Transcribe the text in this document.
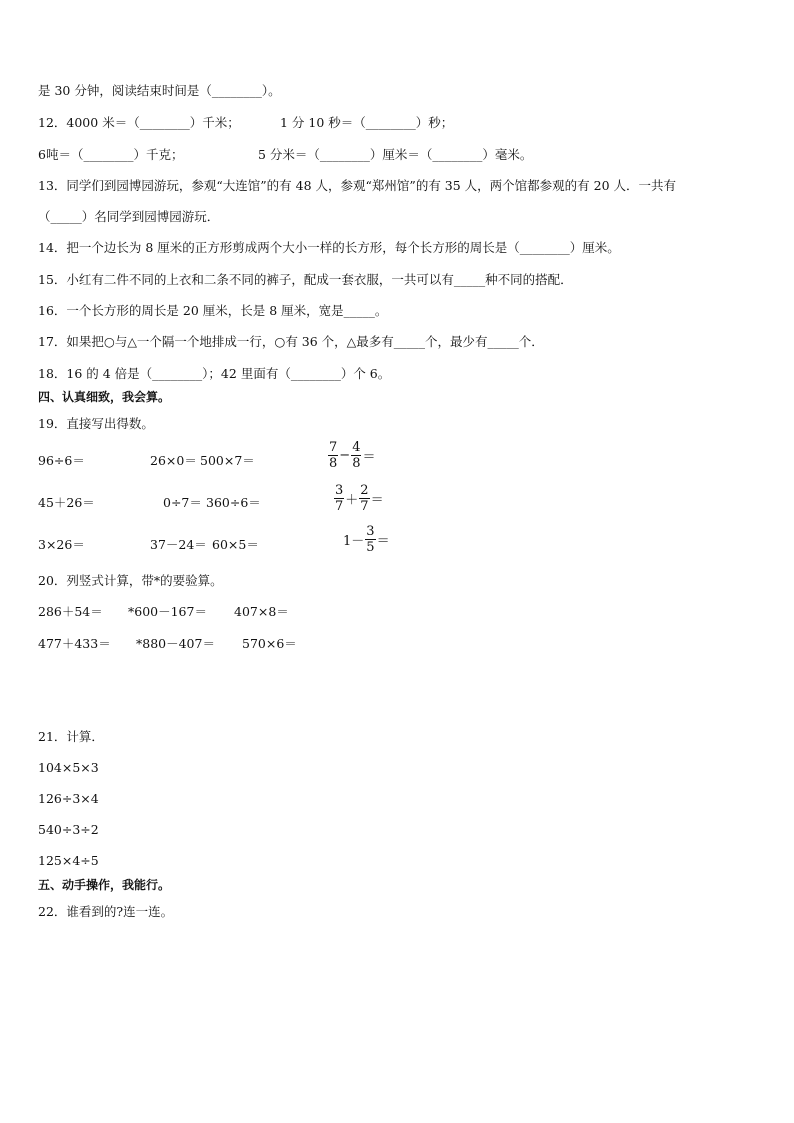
是 30 分钟，阅读结束时间是（________）。
12．4000 米＝（________）千米；	1 分 10 秒＝（________）秒；
6吨＝（________）千克；	5 分米＝（________）厘米＝（________）毫米。
13．同学们到园博园游玩，参观“大连馆”的有 48 人，参观“郑州馆”的有 35 人，两个馆都参观的有 20 人．一共有
（_____）名同学到园博园游玩．
14．把一个边长为 8 厘米的正方形剪成两个大小一样的长方形，每个长方形的周长是（________）厘米。
15．小红有二件不同的上衣和二条不同的裤子，配成一套衣服，一共可以有_____种不同的搭配．
16．一个长方形的周长是 20 厘米，长是 8 厘米，宽是_____。
17．如果把○与△一个隔一个地排成一行，○有 36 个，△最多有_____个，最少有_____个．
18．16 的 4 倍是（________）；42 里面有（________）个 6。
四、认真细致，我会算。
19．直接写出得数。
96÷6＝	26×0＝ 500×7＝	$\frac{7}{8} - \frac{4}{8}$ ＝
45＋26＝	0÷7＝ 360÷6＝	$\frac{3}{7} + \frac{2}{7}$ ＝
3×26＝	37－24＝ 60×5＝	$1- \frac{3}{5}$ ＝
20．列竖式计算，带*的要验算。
286＋54＝ *600－167＝ 407×8＝
477＋433＝ *880－407＝ 570×6＝
21．计算．
104×5×3
126÷3×4
540÷3÷2
125×4÷5
五、动手操作，我能行。
22．谁看到的?连一连。
